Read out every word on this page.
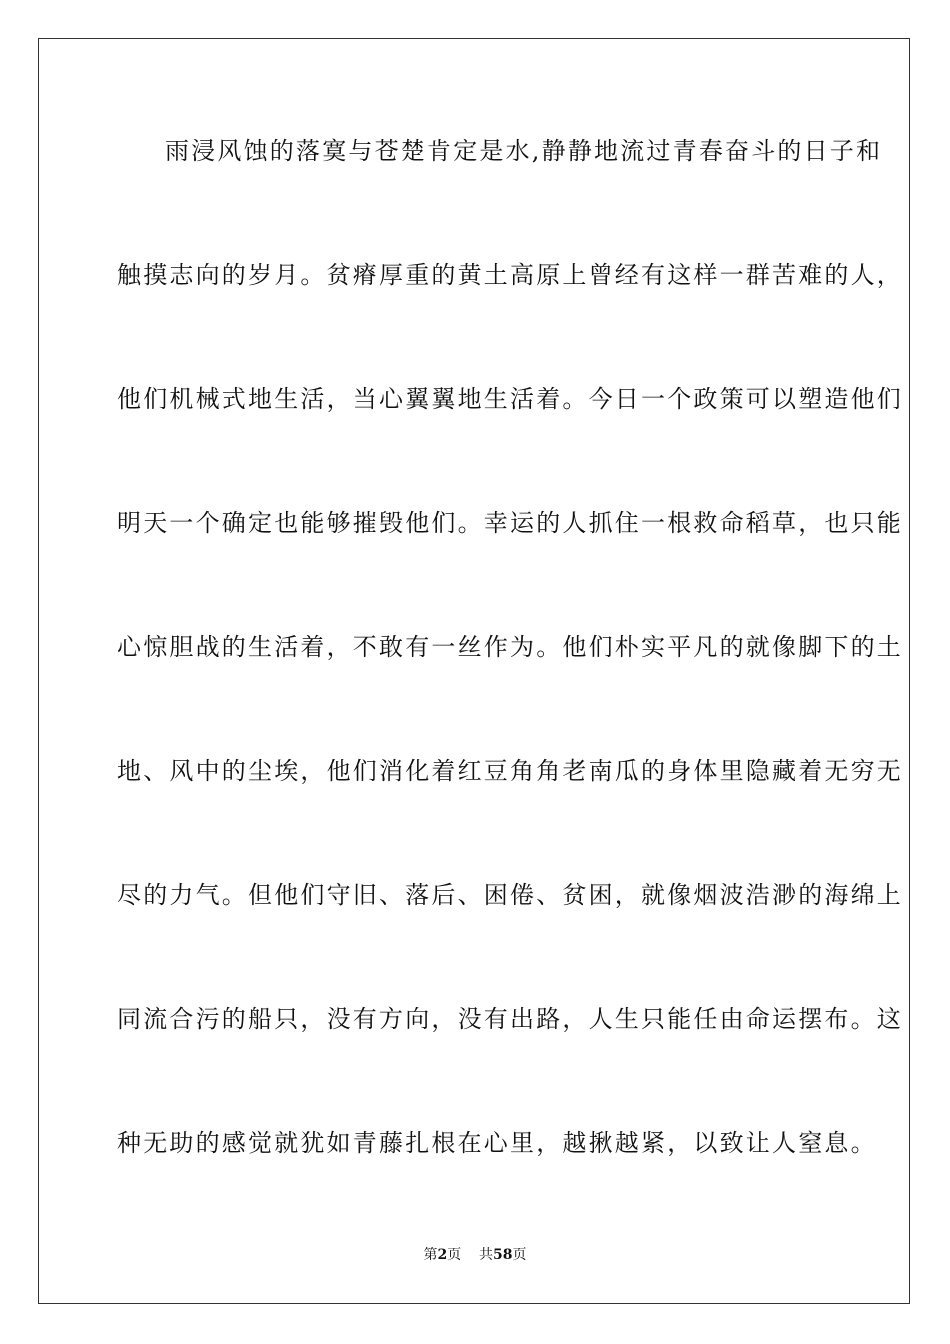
雨浸风蚀的落寞与苍楚肯定是水,静静地流过青春奋斗的日子和
触摸志向的岁月。贫瘠厚重的黄土高原上曾经有这样一群苦难的人，
他们机械式地生活，当心翼翼地生活着。今日一个政策可以塑造他们
明天一个确定也能够摧毁他们。幸运的人抓住一根救命稻草，也只能
心惊胆战的生活着，不敢有一丝作为。他们朴实平凡的就像脚下的土
地、风中的尘埃，他们消化着红豆角角老南瓜的身体里隐藏着无穷无
尽的力气。但他们守旧、落后、困倦、贫困，就像烟波浩渺的海绵上
同流合污的船只，没有方向，没有出路，人生只能任由命运摆布。这
种无助的感觉就犹如青藤扎根在心里，越揪越紧，以致让人窒息。
第2页 共58页
